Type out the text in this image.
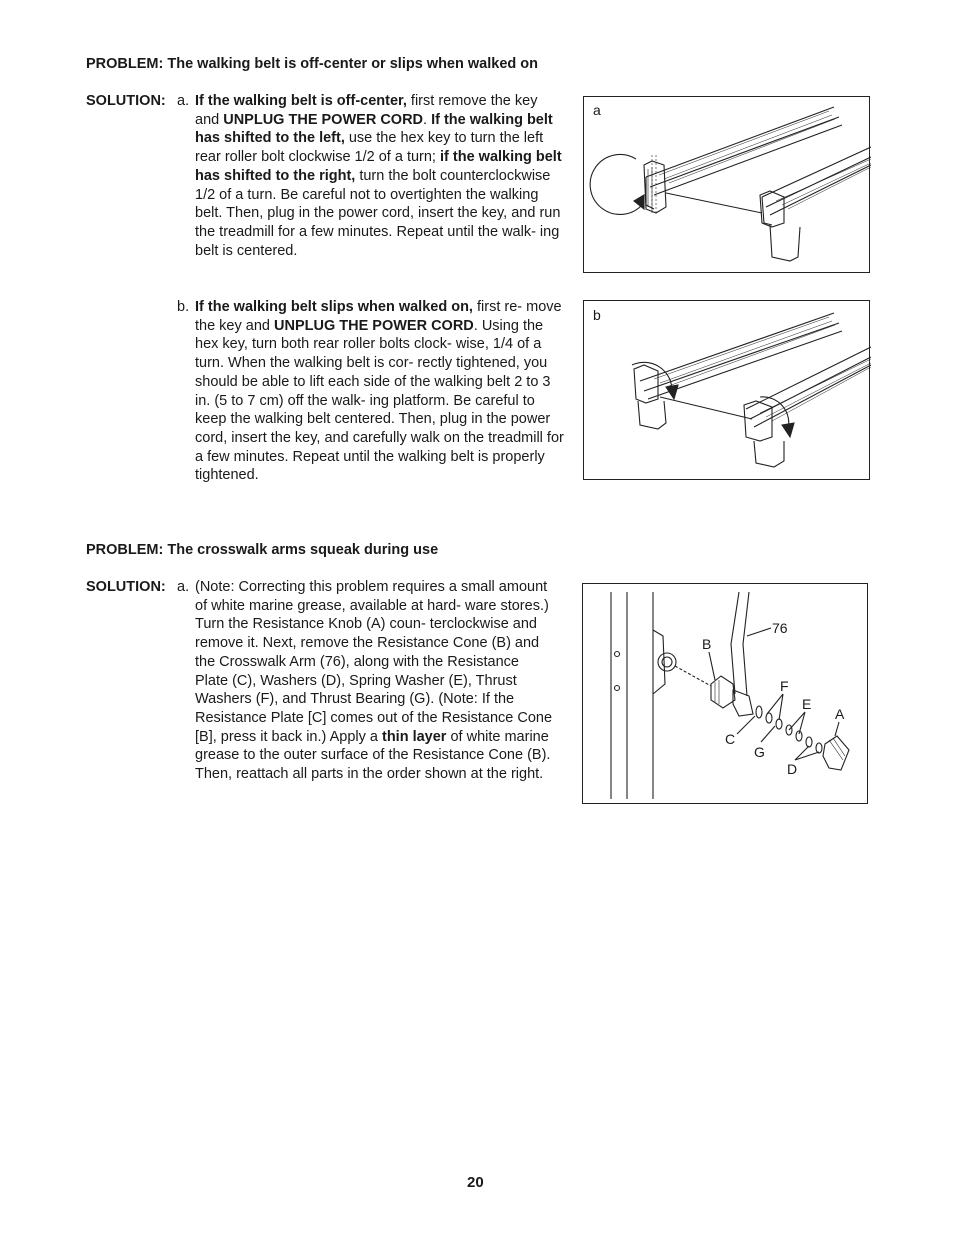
PROBLEM: The walking belt is off-center or slips when walked on
SOLUTION: a. If the walking belt is off-center, first remove the key and UNPLUG THE POWER CORD. If the walking belt has shifted to the left, use the hex key to turn the left rear roller bolt clockwise 1/2 of a turn; if the walking belt has shifted to the right, turn the bolt counterclockwise 1/2 of a turn. Be careful not to overtighten the walking belt. Then, plug in the power cord, insert the key, and run the treadmill for a few minutes. Repeat until the walk- ing belt is centered.
b. If the walking belt slips when walked on, first re- move the key and UNPLUG THE POWER CORD. Using the hex key, turn both rear roller bolts clock- wise, 1/4 of a turn. When the walking belt is cor- rectly tightened, you should be able to lift each side of the walking belt 2 to 3 in. (5 to 7 cm) off the walk- ing platform. Be careful to keep the walking belt centered. Then, plug in the power cord, insert the key, and carefully walk on the treadmill for a few minutes. Repeat until the walking belt is properly tightened.
PROBLEM: The crosswalk arms squeak during use
SOLUTION: a. (Note: Correcting this problem requires a small amount of white marine grease, available at hard- ware stores.) Turn the Resistance Knob (A) coun- terclockwise and remove it. Next, remove the Resistance Cone (B) and the Crosswalk Arm (76), along with the Resistance Plate (C), Washers (D), Spring Washer (E), Thrust Washers (F), and Thrust Bearing (G). (Note: If the Resistance Plate [C] comes out of the Resistance Cone [B], press it back in.) Apply a thin layer of white marine grease to the outer surface of the Resistance Cone (B). Then, reattach all parts in the order shown at the right.
a
b
76
B
F
E
A
C
G
D
20
